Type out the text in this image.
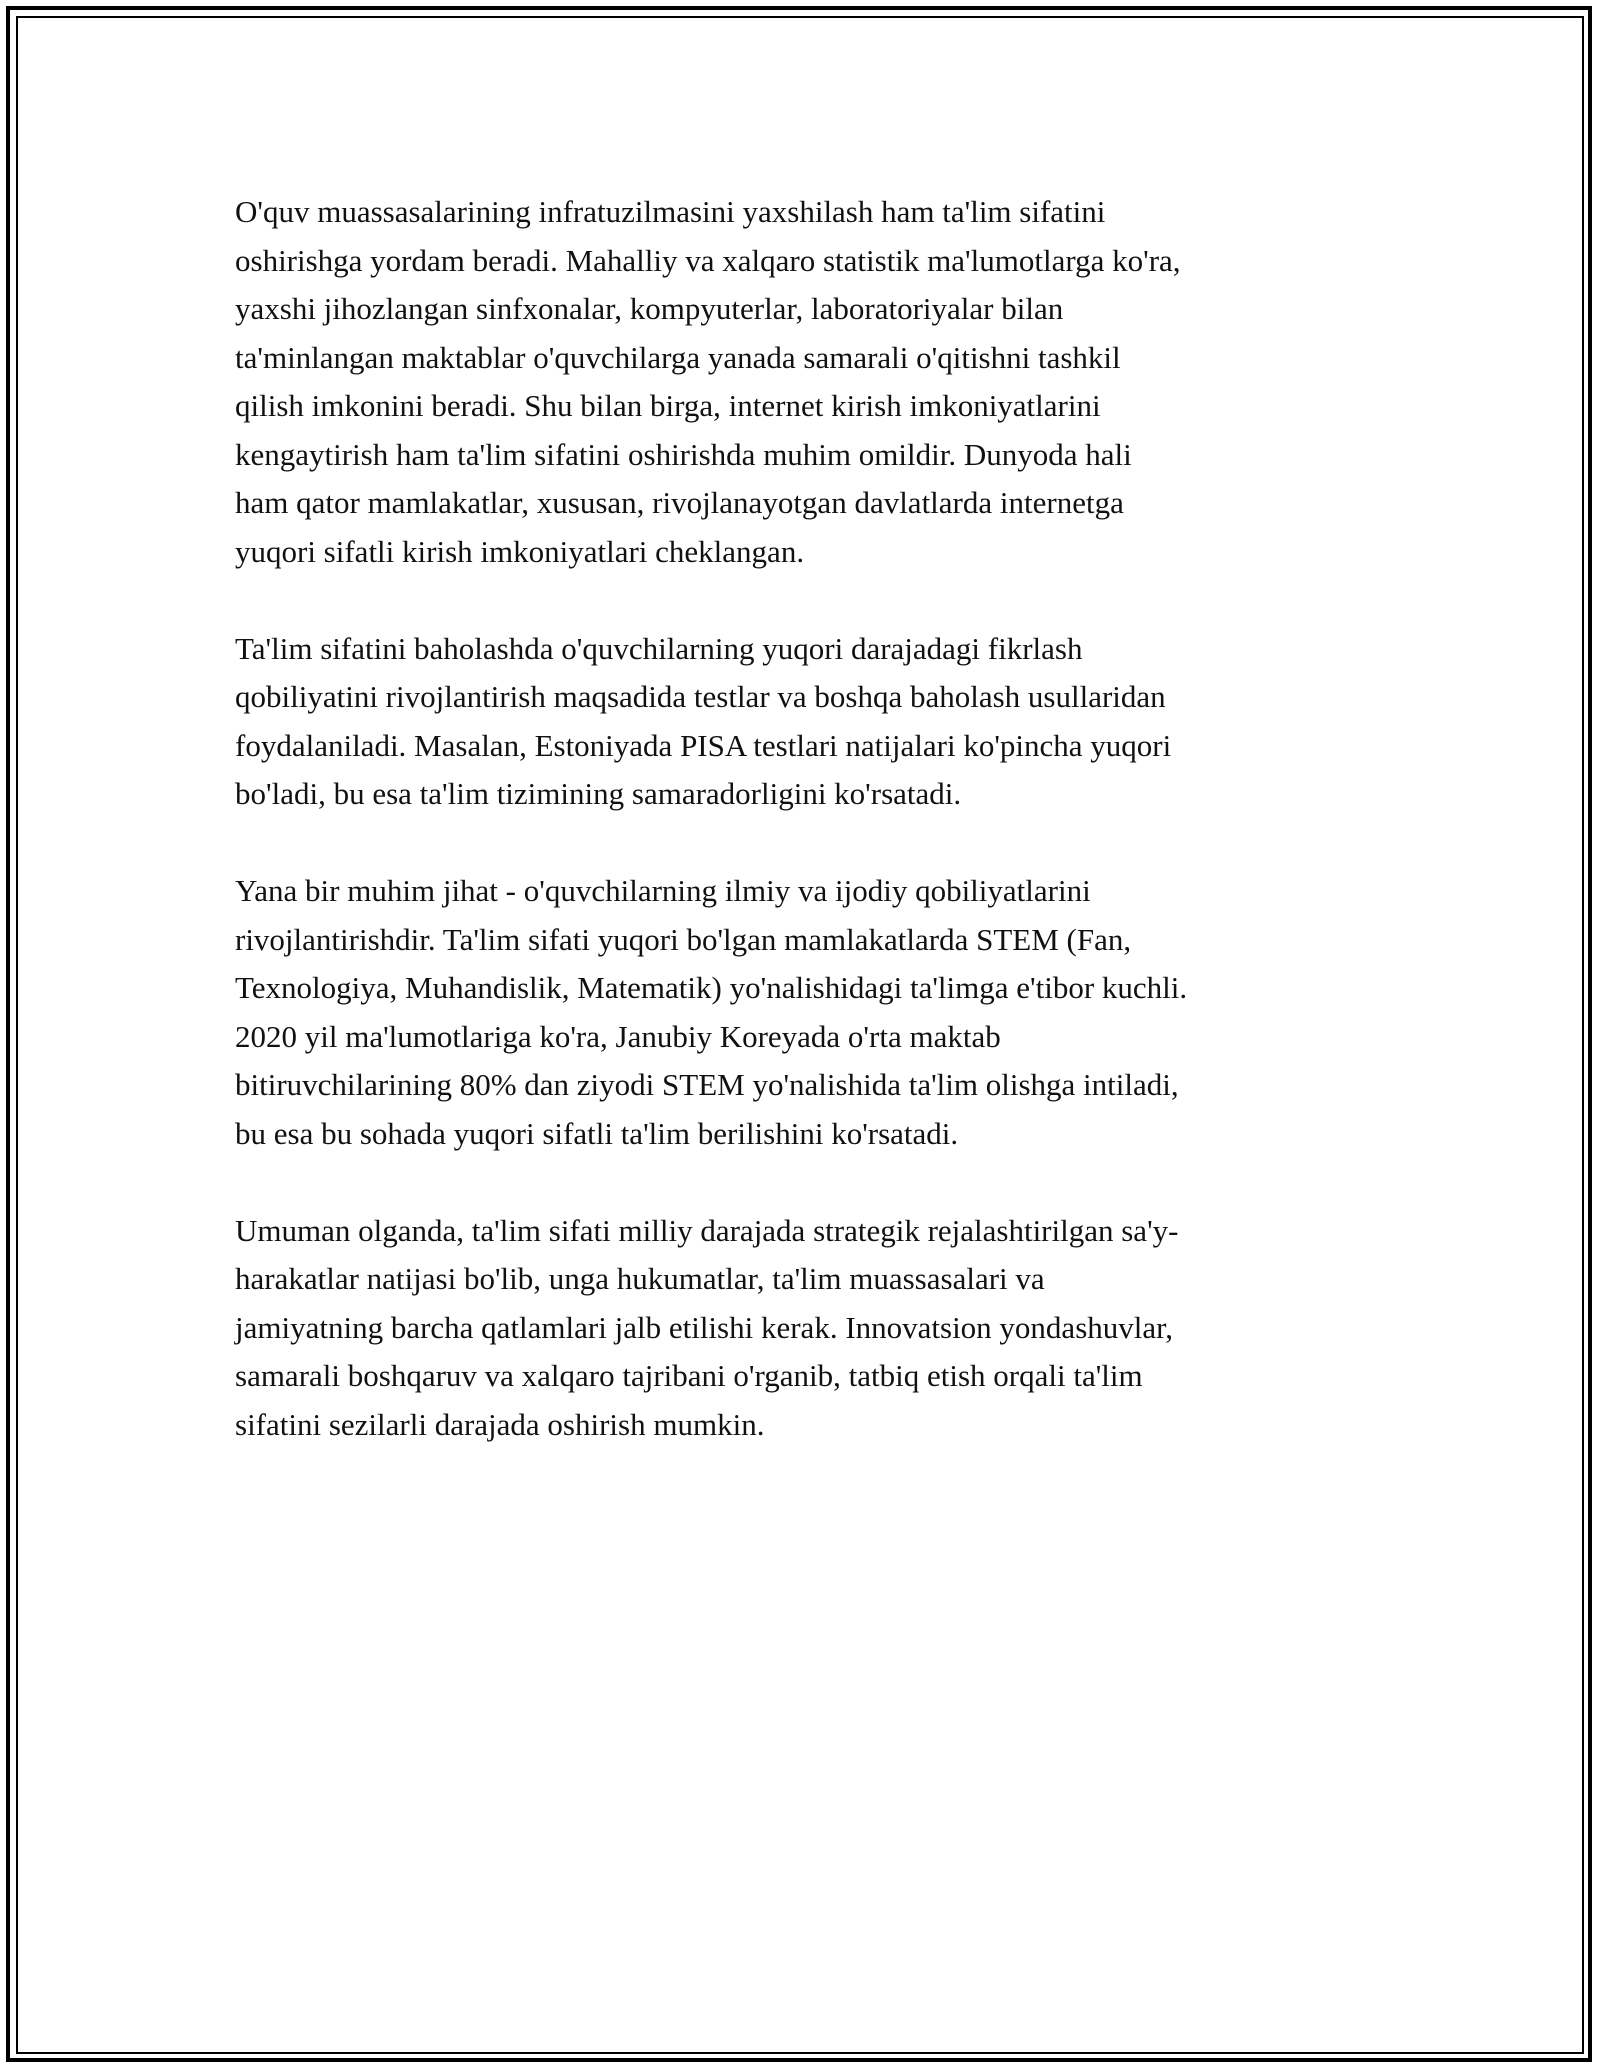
O'quv muassasalarining infratuzilmasini yaxshilash ham ta'lim sifatini
oshirishga yordam beradi. Mahalliy va xalqaro statistik ma'lumotlarga ko'ra,
yaxshi jihozlangan sinfxonalar, kompyuterlar, laboratoriyalar bilan
ta'minlangan maktablar o'quvchilarga yanada samarali o'qitishni tashkil
qilish imkonini beradi. Shu bilan birga, internet kirish imkoniyatlarini
kengaytirish ham ta'lim sifatini oshirishda muhim omildir. Dunyoda hali
ham qator mamlakatlar, xususan, rivojlanayotgan davlatlarda internetga
yuqori sifatli kirish imkoniyatlari cheklangan.

Ta'lim sifatini baholashda o'quvchilarning yuqori darajadagi fikrlash
qobiliyatini rivojlantirish maqsadida testlar va boshqa baholash usullaridan
foydalaniladi. Masalan, Estoniyada PISA testlari natijalari ko'pincha yuqori
bo'ladi, bu esa ta'lim tizimining samaradorligini ko'rsatadi.

Yana bir muhim jihat - o'quvchilarning ilmiy va ijodiy qobiliyatlarini
rivojlantirishdir. Ta'lim sifati yuqori bo'lgan mamlakatlarda STEM (Fan,
Texnologiya, Muhandislik, Matematik) yo'nalishidagi ta'limga e'tibor kuchli.
2020 yil ma'lumotlariga ko'ra, Janubiy Koreyada o'rta maktab
bitiruvchilarining 80% dan ziyodi STEM yo'nalishida ta'lim olishga intiladi,
bu esa bu sohada yuqori sifatli ta'lim berilishini ko'rsatadi.

Umuman olganda, ta'lim sifati milliy darajada strategik rejalashtirilgan sa'y-
harakatlar natijasi bo'lib, unga hukumatlar, ta'lim muassasalari va
jamiyatning barcha qatlamlari jalb etilishi kerak. Innovatsion yondashuvlar,
samarali boshqaruv va xalqaro tajribani o'rganib, tatbiq etish orqali ta'lim
sifatini sezilarli darajada oshirish mumkin.
